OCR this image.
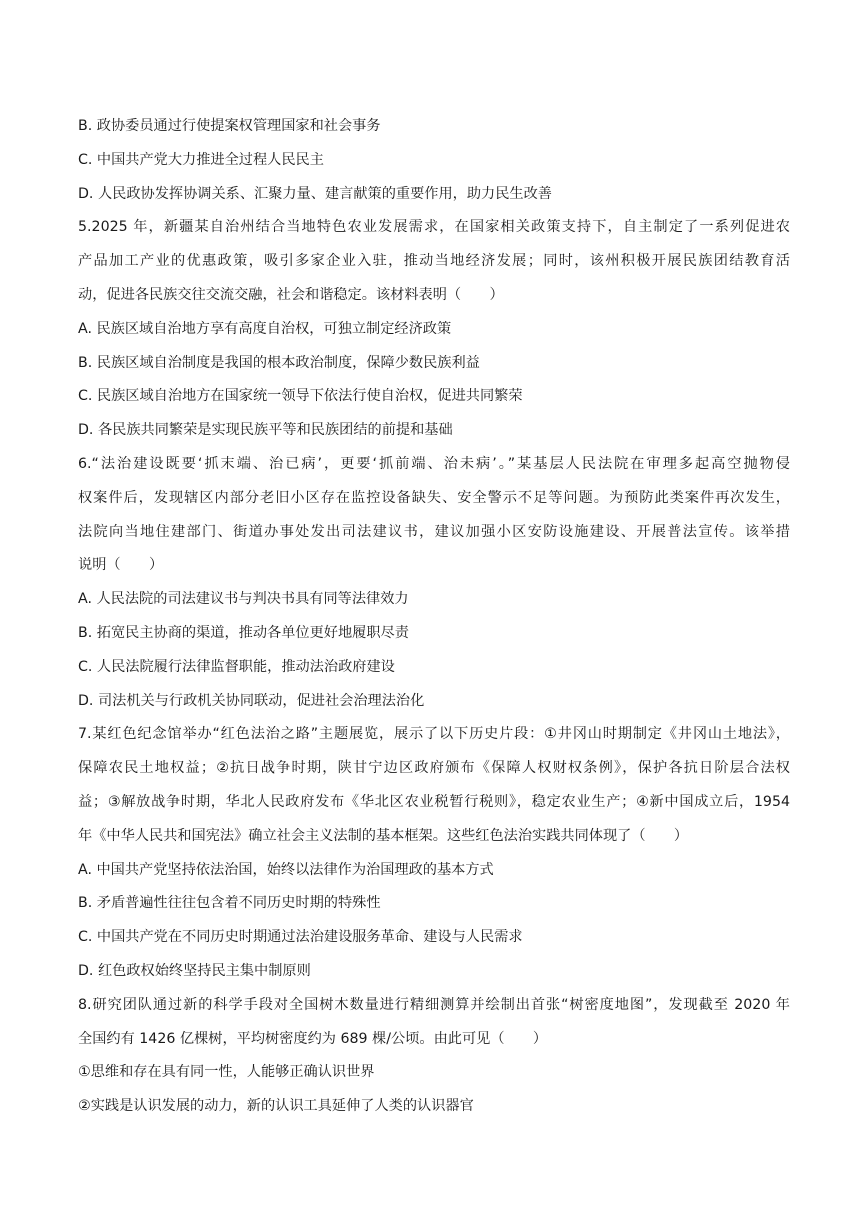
B. 政协委员通过行使提案权管理国家和社会事务
C. 中国共产党大力推进全过程人民民主
D. 人民政协发挥协调关系、汇聚力量、建言献策的重要作用，助力民生改善
5.2025 年，新疆某自治州结合当地特色农业发展需求，在国家相关政策支持下，自主制定了一系列促进农
产品加工产业的优惠政策，吸引多家企业入驻，推动当地经济发展；同时，该州积极开展民族团结教育活
动，促进各民族交往交流交融，社会和谐稳定。该材料表明（　　）
A. 民族区域自治地方享有高度自治权，可独立制定经济政策
B. 民族区域自治制度是我国的根本政治制度，保障少数民族利益
C. 民族区域自治地方在国家统一领导下依法行使自治权，促进共同繁荣
D. 各民族共同繁荣是实现民族平等和民族团结的前提和基础
6.“法治建设既要‘抓末端、治已病’，更要‘抓前端、治未病’。”某基层人民法院在审理多起高空抛物侵
权案件后，发现辖区内部分老旧小区存在监控设备缺失、安全警示不足等问题。为预防此类案件再次发生，
法院向当地住建部门、街道办事处发出司法建议书，建议加强小区安防设施建设、开展普法宣传。该举措
说明（　　）
A. 人民法院的司法建议书与判决书具有同等法律效力
B. 拓宽民主协商的渠道，推动各单位更好地履职尽责
C. 人民法院履行法律监督职能，推动法治政府建设
D. 司法机关与行政机关协同联动，促进社会治理法治化
7.某红色纪念馆举办“红色法治之路”主题展览，展示了以下历史片段：①井冈山时期制定《井冈山土地法》，
保障农民土地权益；②抗日战争时期，陕甘宁边区政府颁布《保障人权财权条例》，保护各抗日阶层合法权
益；③解放战争时期，华北人民政府发布《华北区农业税暂行税则》，稳定农业生产；④新中国成立后，1954
年《中华人民共和国宪法》确立社会主义法制的基本框架。这些红色法治实践共同体现了（　　）
A. 中国共产党坚持依法治国，始终以法律作为治国理政的基本方式
B. 矛盾普遍性往往包含着不同历史时期的特殊性
C. 中国共产党在不同历史时期通过法治建设服务革命、建设与人民需求
D. 红色政权始终坚持民主集中制原则
8.研究团队通过新的科学手段对全国树木数量进行精细测算并绘制出首张“树密度地图”，发现截至 2020 年
全国约有 1426 亿棵树，平均树密度约为 689 棵/公顷。由此可见（　　）
①思维和存在具有同一性，人能够正确认识世界
②实践是认识发展的动力，新的认识工具延伸了人类的认识器官
